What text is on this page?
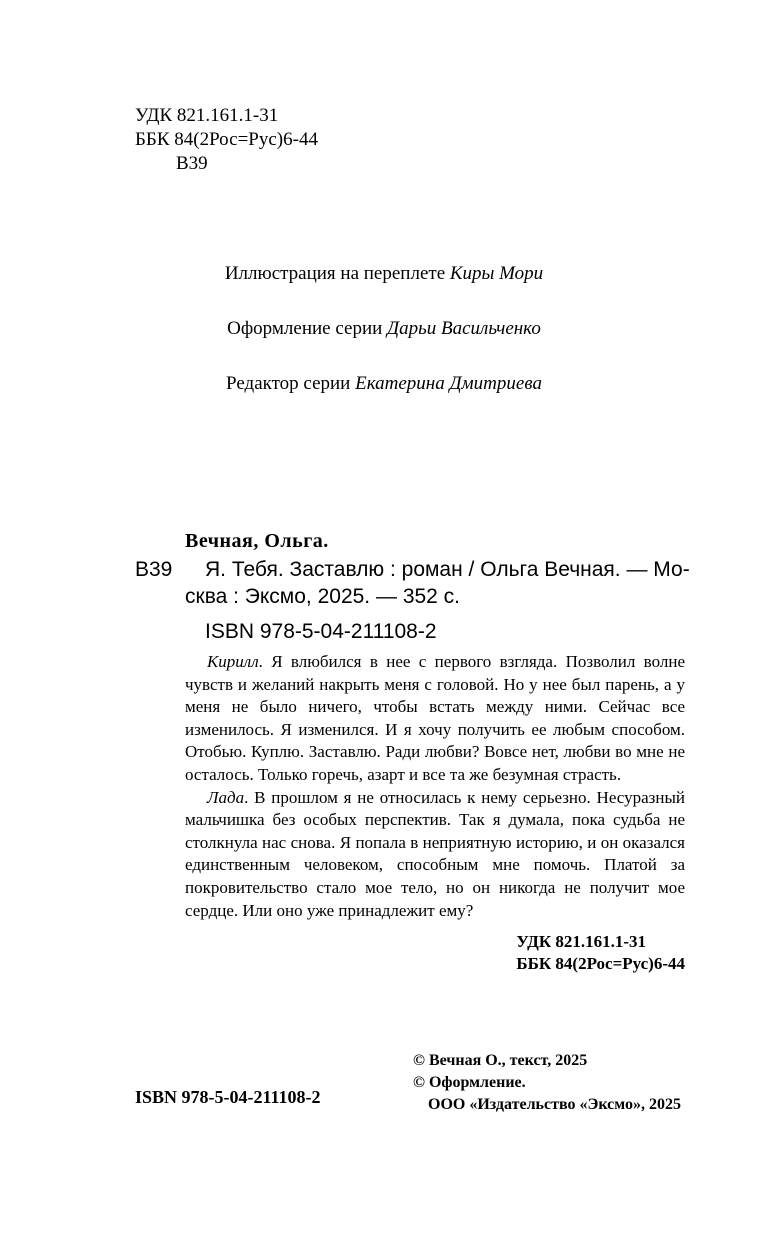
УДК 821.161.1-31
ББК 84(2Рос=Рус)6-44
В39
Иллюстрация на переплете Киры Мори
Оформление серии Дарьи Васильченко
Редактор серии Екатерина Дмитриева
Вечная, Ольга.
В39 Я. Тебя. Заставлю : роман / Ольга Вечная. — Мо-
сква : Эксмо, 2025. — 352 с.
ISBN 978-5-04-211108-2

Кирилл. Я влюбился в нее с первого взгляда. Позволил волне чувств и желаний накрыть меня с головой. Но у нее был парень, а у меня не было ничего, чтобы встать между ними. Сейчас все изменилось. Я изменился. И я хочу получить ее любым способом. Отобью. Куплю. Заставлю. Ради любви? Вовсе нет, любви во мне не осталось. Только горечь, азарт и все та же безумная страсть.

Лада. В прошлом я не относилась к нему серьезно. Несуразный мальчишка без особых перспектив. Так я думала, пока судьба не столкнула нас снова. Я попала в неприятную историю, и он оказался единственным человеком, способным мне помочь. Платой за покровительство стало мое тело, но он никогда не получит мое сердце. Или оно уже принадлежит ему?

УДК 821.161.1-31
ББК 84(2Рос=Рус)6-44
ISBN 978-5-04-211108-2
© Вечная О., текст, 2025
© Оформление.
ООО «Издательство «Эксмо», 2025
